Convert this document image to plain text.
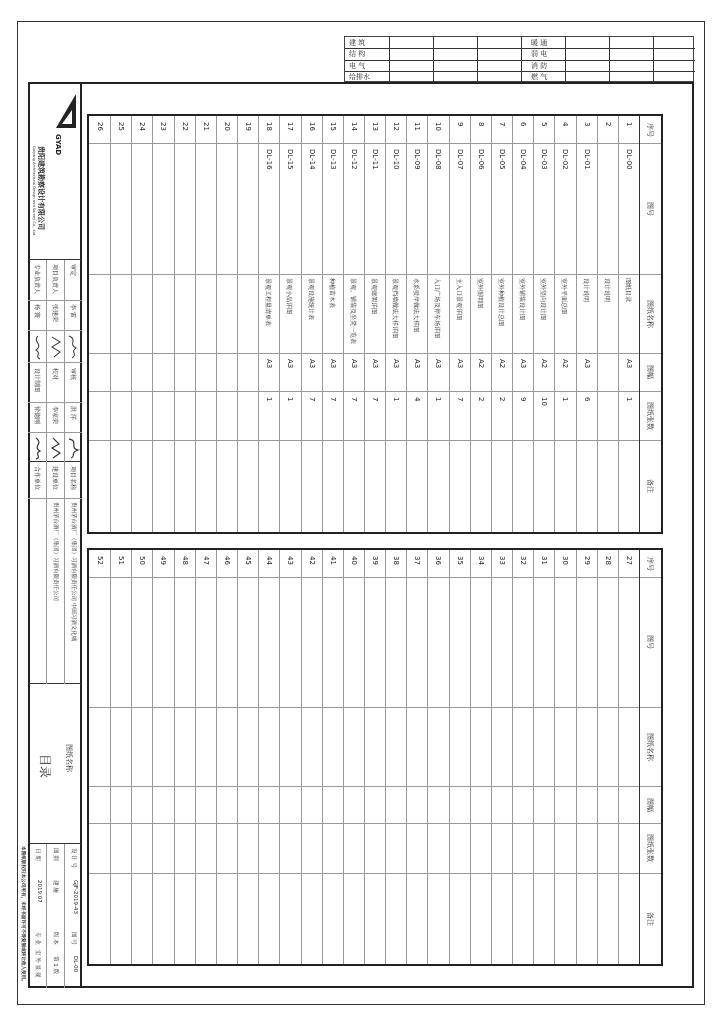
建 筑
结 构
电 气
给排水
暖 通
弱 电
消 防
燃 气
GYAD
贵阳建筑勘察设计有限公司
Guiyang Architectural Design and Survey Co., Ltd.
审定
项目负责人
专业负责人
审核
校对
设计制图
李 雷
张建荣
杨 寰
洪 洋
李家荣
徐德刚
项目名称
建设单位
合作单位
贵州茅台酒厂（集团）习酒有限责任公司 中国习酒文化城
贵州茅台酒厂（集团）习酒有限责任公司
图纸名称
目录
设 计 号
GJF-2019-43
图 号
DL-00
图 别
建 施
版 本
第 1 版
日 期
2019.07
专 业
室 外 景 观
本图纸版权归本公司所有，未经书面许可不得复制或转让他人使用。
序号
图号
图纸名称
图幅
图纸张数
备注
1
DL-00
图纸目录
A3
1
2
设计说明
3
DL-01
设计说明
A3
6
4
DL-02
室外平面总图
A2
1
5
DL-03
室外竖向设计图
A2
10
6
DL-04
室外铺装设计图
A3
9
7
DL-05
室外种植设计总图
A2
2
8
DL-06
室外照明图
A2
2
9
DL-07
主入口景观详图
A3
7
10
DL-08
入口广场及停车场详图
A3
1
11
DL-09
水系驳岸做法大样图
A3
4
12
DL-10
景观挡墙做法大样详图
A3
1
13
DL-11
景观廊架详图
A3
7
14
DL-12
景观、铺装及坐凳一览表
A3
7
15
DL-13
种植苗木表
A3
7
16
DL-14
景观设施统计表
A3
7
17
DL-15
景观小品详图
A3
1
18
DL-16
景观工程量清单表
A3
1
19
20
21
22
23
24
25
26
序号
图号
图纸名称
图幅
图纸张数
备注
27
28
29
30
31
32
33
34
35
36
37
38
39
40
41
42
43
44
45
46
47
48
49
50
51
52
